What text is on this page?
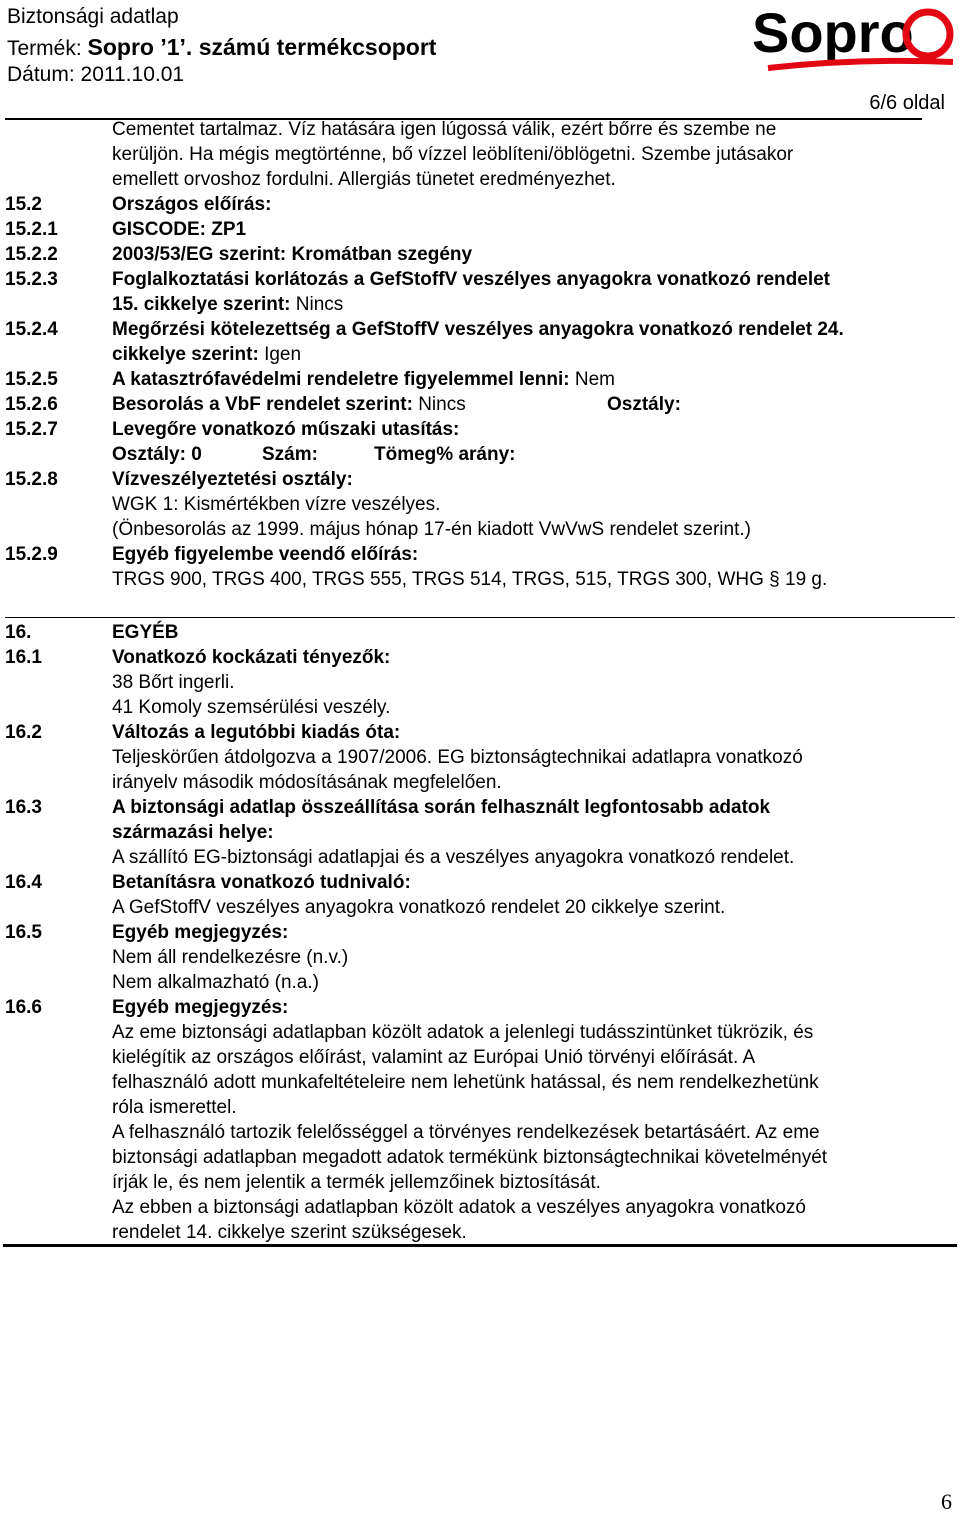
Biztonsági adatlap
Termék: Sopro ’1’. számú termékcsoport
Dátum: 2011.10.01
Sopro
6/6 oldal
Cementet tartalmaz. Víz hatására igen lúgossá válik, ezért bőrre és szembe ne
kerüljön. Ha mégis megtörténne, bő vízzel leöblíteni/öblögetni. Szembe jutásakor
emellett orvoshoz fordulni. Allergiás tünetet eredményezhet.
15.2	Országos előírás:
15.2.1	GISCODE: ZP1
15.2.2	2003/53/EG szerint: Kromátban szegény
15.2.3	Foglalkoztatási korlátozás a GefStoffV veszélyes anyagokra vonatkozó rendelet
15. cikkelye szerint: Nincs
15.2.4	Megőrzési kötelezettség a GefStoffV veszélyes anyagokra vonatkozó rendelet 24.
cikkelye szerint: Igen
15.2.5	A katasztrófavédelmi rendeletre figyelemmel lenni: Nem
15.2.6	Besorolás a VbF rendelet szerint: Nincs	Osztály:
15.2.7	Levegőre vonatkozó műszaki utasítás:
Osztály: 0	Szám:	Tömeg% arány:
15.2.8	Vízveszélyeztetési osztály:
WGK 1: Kismértékben vízre veszélyes.
(Önbesorolás az 1999. május hónap 17-én kiadott VwVwS rendelet szerint.)
15.2.9	Egyéb figyelembe veendő előírás:
TRGS 900, TRGS 400, TRGS 555, TRGS 514, TRGS, 515, TRGS 300, WHG § 19 g.
16.	EGYÉB
16.1	Vonatkozó kockázati tényezők:
38 Bőrt ingerli.
41 Komoly szemsérülési veszély.
16.2	Változás a legutóbbi kiadás óta:
Teljeskörűen átdolgozva a 1907/2006. EG biztonságtechnikai adatlapra vonatkozó
irányelv második módosításának megfelelően.
16.3	A biztonsági adatlap összeállítása során felhasznált legfontosabb adatok
származási helye:
A szállító EG-biztonsági adatlapjai és a veszélyes anyagokra vonatkozó rendelet.
16.4	Betanításra vonatkozó tudnivaló:
A GefStoffV veszélyes anyagokra vonatkozó rendelet 20 cikkelye szerint.
16.5	Egyéb megjegyzés:
Nem áll rendelkezésre (n.v.)
Nem alkalmazható (n.a.)
16.6	Egyéb megjegyzés:
Az eme biztonsági adatlapban közölt adatok a jelenlegi tudásszintünket tükrözik, és
kielégítik az országos előírást, valamint az Európai Unió törvényi előírását. A
felhasználó adott munkafeltételeire nem lehetünk hatással, és nem rendelkezhetünk
róla ismerettel.
A felhasználó tartozik felelősséggel a törvényes rendelkezések betartásáért. Az eme
biztonsági adatlapban megadott adatok termékünk biztonságtechnikai követelményét
írják le, és nem jelentik a termék jellemzőinek biztosítását.
Az ebben a biztonsági adatlapban közölt adatok a veszélyes anyagokra vonatkozó
rendelet 14. cikkelye szerint szükségesek.
6
